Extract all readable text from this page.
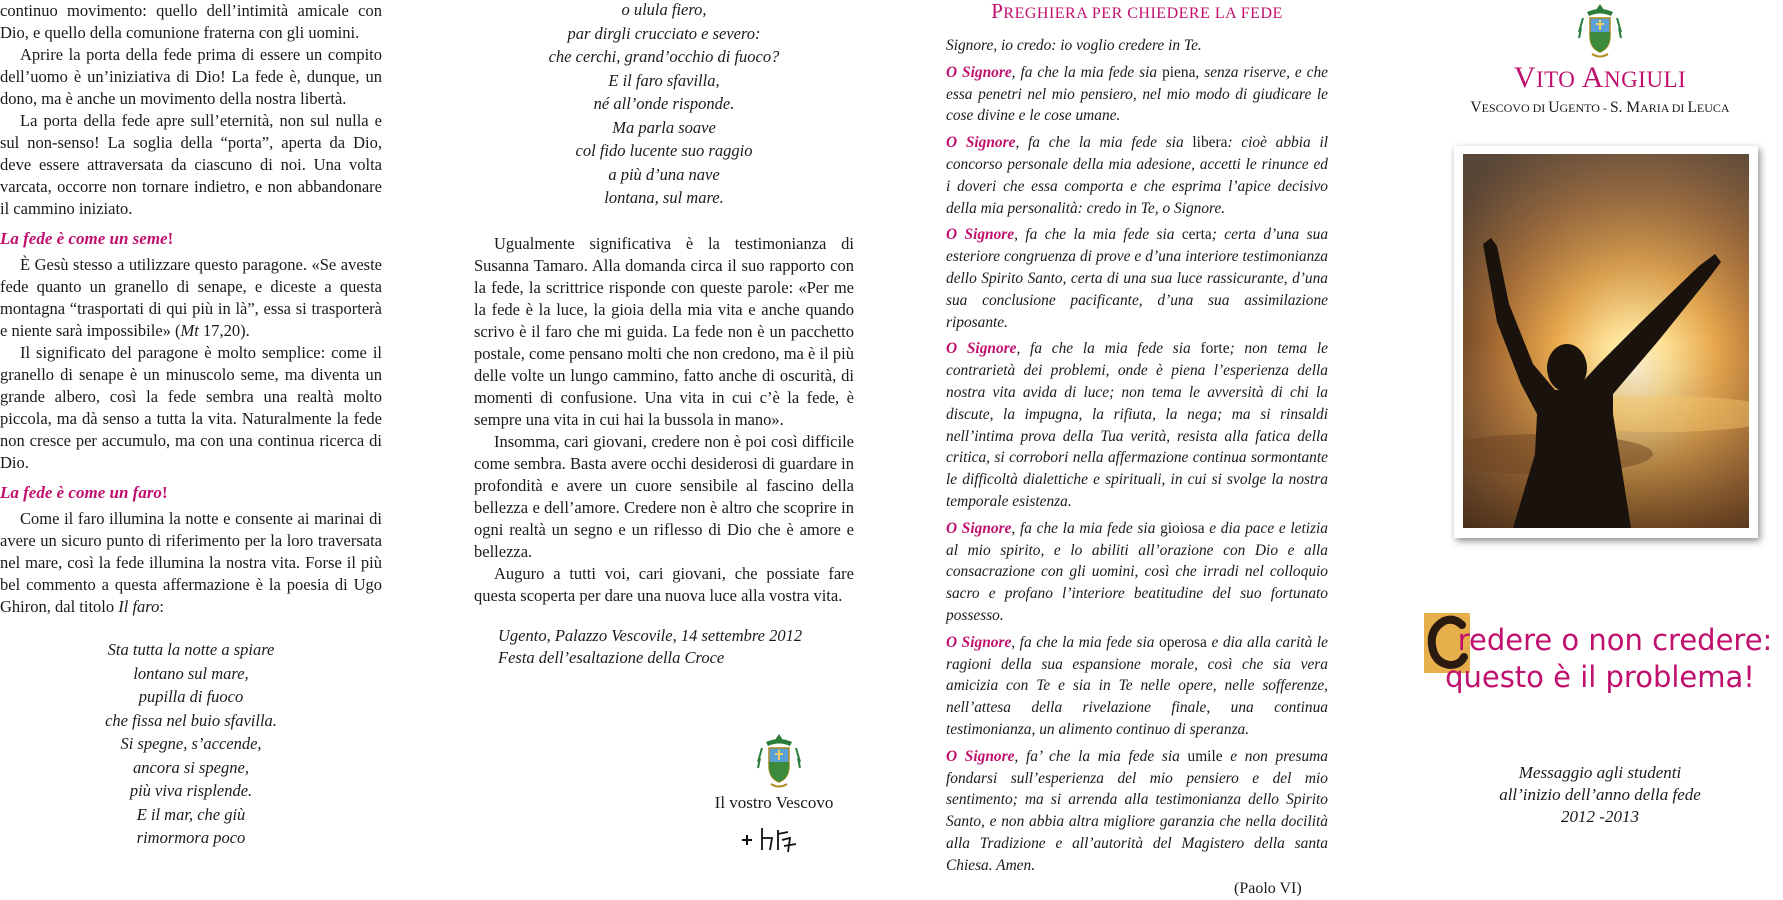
continuo movimento: quello dell’intimità amicale con Dio, e quello della comunione fraterna con gli uomini.

Aprire la porta della fede prima di essere un compito dell’uomo è un’iniziativa di Dio! La fede è, dunque, un dono, ma è anche un movimento della nostra libertà.

La porta della fede apre sull’eternità, non sul nulla e sul non-senso! La soglia della “porta”, aperta da Dio, deve essere attraversata da ciascuno di noi. Una volta varcata, occorre non tornare indietro, e non abbandonare il cammino iniziato.

La fede è come un seme!

È Gesù stesso a utilizzare questo paragone. «Se aveste fede quanto un granello di senape, e diceste a questa montagna “trasportati di qui più in là”, essa si trasporterà e niente sarà impossibile» (Mt 17,20).

Il significato del paragone è molto semplice: come il granello di senape è un minuscolo seme, ma diventa un grande albero, così la fede sembra una realtà molto piccola, ma dà senso a tutta la vita. Naturalmente la fede non cresce per accumulo, ma con una continua ricerca di Dio.

La fede è come un faro!

Come il faro illumina la notte e consente ai marinai di avere un sicuro punto di riferimento per la loro traversata nel mare, così la fede illumina la nostra vita. Forse il più bel commento a questa affermazione è la poesia di Ugo Ghiron, dal titolo Il faro:

Sta tutta la notte a spiare
lontano sul mare,
pupilla di fuoco
che fissa nel buio sfavilla.
Si spegne, s’accende,
ancora si spegne,
più viva risplende.
E il mar, che giù
rimormora poco
o ulula fiero,
par dirgli crucciato e severo:
che cerchi, grand’occhio di fuoco?
E il faro sfavilla,
né all’onde risponde.
Ma parla soave
col fido lucente suo raggio
a più d’una nave
lontana, sul mare.

Ugualmente significativa è la testimonianza di Susanna Tamaro. Alla domanda circa il suo rapporto con la fede, la scrittrice risponde con queste parole: «Per me la fede è la luce, la gioia della mia vita e anche quando scrivo è il faro che mi guida. La fede non è un pacchetto postale, come pensano molti che non credono, ma è il più delle volte un lungo cammino, fatto anche di oscurità, di momenti di confusione. Una vita in cui c’è la fede, è sempre una vita in cui hai la bussola in mano».

Insomma, cari giovani, credere non è poi così difficile come sembra. Basta avere occhi desiderosi di guardare in profondità e avere un cuore sensibile al fascino della bellezza e dell’amore. Credere non è altro che scoprire in ogni realtà un segno e un riflesso di Dio che è amore e bellezza.

Auguro a tutti voi, cari giovani, che possiate fare questa scoperta per dare una nuova luce alla vostra vita.

Ugento, Palazzo Vescovile, 14 settembre 2012
Festa dell’esaltazione della Croce
Il vostro Vescovo
PREGHIERA PER CHIEDERE LA FEDE
Signore, io credo: io voglio credere in Te.
O Signore, fa che la mia fede sia piena, senza riserve, e che essa penetri nel mio pensiero, nel mio modo di giudicare le cose divine e le cose umane.
O Signore, fa che la mia fede sia libera: cioè abbia il concorso personale della mia adesione, accetti le rinunce ed i doveri che essa comporta e che esprima l’apice decisivo della mia personalità: credo in Te, o Signore.
O Signore, fa che la mia fede sia certa; certa d’una sua esteriore congruenza di prove e d’una interiore testimonianza dello Spirito Santo, certa di una sua luce rassicurante, d’una sua conclusione pacificante, d’una sua assimilazione riposante.
O Signore, fa che la mia fede sia forte; non tema le contrarietà dei problemi, onde è piena l’esperienza della nostra vita avida di luce; non tema le avversità di chi la discute, la impugna, la rifiuta, la nega; ma si rinsaldi nell’intima prova della Tua verità, resista alla fatica della critica, si corrobori nella affermazione continua sormontante le difficoltà dialettiche e spirituali, in cui si svolge la nostra temporale esistenza.
O Signore, fa che la mia fede sia gioiosa e dia pace e letizia al mio spirito, e lo abiliti all’orazione con Dio e alla consacrazione con gli uomini, così che irradi nel colloquio sacro e profano l’interiore beatitudine del suo fortunato possesso.
O Signore, fa che la mia fede sia operosa e dia alla carità le ragioni della sua espansione morale, così che sia vera amicizia con Te e sia in Te nelle opere, nelle sofferenze, nell’attesa della rivelazione finale, una continua testimonianza, un alimento continuo di speranza.
O Signore, fa’ che la mia fede sia umile e non presuma fondarsi sull’esperienza del mio pensiero e del mio sentimento; ma si arrenda alla testimonianza dello Spirito Santo, e non abbia altra migliore garanzia che nella docilità alla Tradizione e all’autorità del Magistero della santa Chiesa. Amen.
(Paolo VI)
VITO ANGIULI
VESCOVO DI UGENTO - S. MARIA DI LEUCA
redere o non credere:
questo è il problema!
Messaggio agli studenti
all’inizio dell’anno della fede
2012 -2013
